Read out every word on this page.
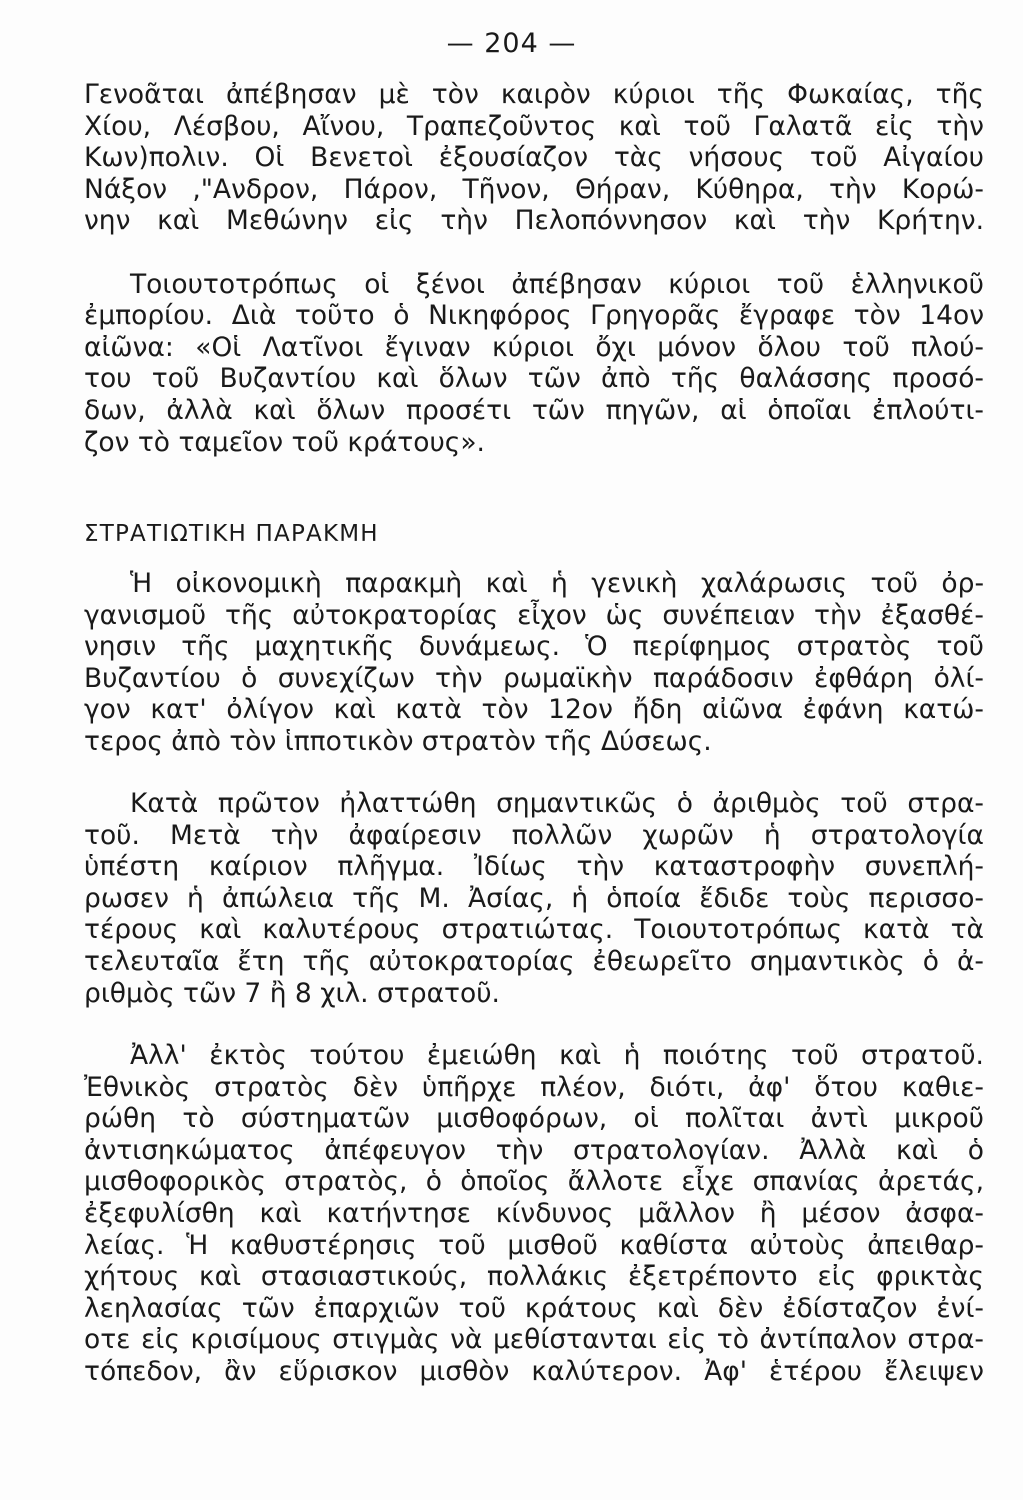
— 204 —
Γενοᾶται ἀπέβησαν μὲ τὸν καιρὸν κύριοι τῆς Φωκαίας, τῆς
Χίου, Λέσβου, Αἴνου, Τραπεζοῦντος καὶ τοῦ Γαλατᾶ εἰς τὴν
Κων)πολιν. Οἱ Βενετοὶ ἐξουσίαζον τὰς νήσους τοῦ Αἰγαίου
Νάξον ,"Ανδρον, Πάρον, Τῆνον, Θήραν, Κύθηρα, τὴν Κορώ-
νην καὶ Μεθώνην εἰς τὴν Πελοπόννησον καὶ τὴν Κρήτην.
Τοιουτοτρόπως οἱ ξένοι ἀπέβησαν κύριοι τοῦ ἑλληνικοῦ
ἐμπορίου. Διὰ τοῦτο ὁ Νικηφόρος Γρηγορᾶς ἔγραφε τὸν 14ον
αἰῶνα: «Οἱ Λατῖνοι ἔγιναν κύριοι ὄχι μόνον ὅλου τοῦ πλού-
του τοῦ Βυζαντίου καὶ ὅλων τῶν ἀπὸ τῆς θαλάσσης προσό-
δων, ἀλλὰ καὶ ὅλων προσέτι τῶν πηγῶν, αἱ ὁποῖαι ἐπλούτι-
ζον τὸ ταμεῖον τοῦ κράτους».
ΣΤΡΑΤΙΩΤΙΚΗ ΠΑΡΑΚΜΗ
Ἡ οἰκονομικὴ παρακμὴ καὶ ἡ γενικὴ χαλάρωσις τοῦ ὀρ-
γανισμοῦ τῆς αὐτοκρατορίας εἶχον ὡς συνέπειαν τὴν ἐξασθέ-
νησιν τῆς μαχητικῆς δυνάμεως. Ὁ περίφημος στρατὸς τοῦ
Βυζαντίου ὁ συνεχίζων τὴν ρωμαϊκὴν παράδοσιν ἐφθάρη ὀλί-
γον κατ' ὀλίγον καὶ κατὰ τὸν 12ον ἤδη αἰῶνα ἐφάνη κατώ-
τερος ἀπὸ τὸν ἱπποτικὸν στρατὸν τῆς Δύσεως.
Κατὰ πρῶτον ἠλαττώθη σημαντικῶς ὁ ἀριθμὸς τοῦ στρα-
τοῦ. Μετὰ τὴν ἀφαίρεσιν πολλῶν χωρῶν ἡ στρατολογία
ὑπέστη καίριον πλῆγμα. Ἰδίως τὴν καταστροφὴν συνεπλή-
ρωσεν ἡ ἀπώλεια τῆς Μ. Ἀσίας, ἡ ὁποία ἔδιδε τοὺς περισσο-
τέρους καὶ καλυτέρους στρατιώτας. Τοιουτοτρόπως κατὰ τὰ
τελευταῖα ἔτη τῆς αὐτοκρατορίας ἐθεωρεῖτο σημαντικὸς ὁ ἀ-
ριθμὸς τῶν 7 ἢ 8 χιλ. στρατοῦ.
Ἀλλ' ἐκτὸς τούτου ἐμειώθη καὶ ἡ ποιότης τοῦ στρατοῦ.
Ἐθνικὸς στρατὸς δὲν ὑπῆρχε πλέον, διότι, ἀφ' ὅτου καθιε-
ρώθη τὸ σύστηματῶν μισθοφόρων, οἱ πολῖται ἀντὶ μικροῦ
ἀντισηκώματος ἀπέφευγον τὴν στρατολογίαν. Ἀλλὰ καὶ ὁ
μισθοφορικὸς στρατὸς, ὁ ὁποῖος ἄλλοτε εἶχε σπανίας ἀρετάς,
ἐξεφυλίσθη καὶ κατήντησε κίνδυνος μᾶλλον ἢ μέσον ἀσφα-
λείας. Ἡ καθυστέρησις τοῦ μισθοῦ καθίστα αὐτοὺς ἀπειθαρ-
χήτους καὶ στασιαστικούς, πολλάκις ἐξετρέποντο εἰς φρικτὰς
λεηλασίας τῶν ἐπαρχιῶν τοῦ κράτους καὶ δὲν ἐδίσταζον ἐνί-
οτε εἰς κρισίμους στιγμὰς νὰ μεθίστανται εἰς τὸ ἀντίπαλον στρα-
τόπεδον, ἂν εὕρισκον μισθὸν καλύτερον. Ἀφ' ἑτέρου ἔλειψεν
